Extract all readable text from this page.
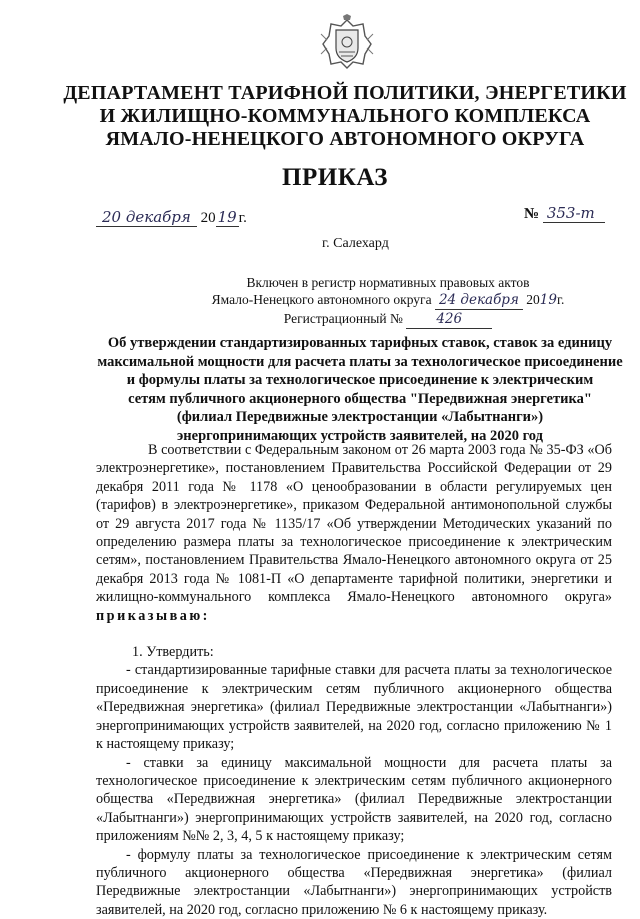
ДЕПАРТАМЕНТ ТАРИФНОЙ ПОЛИТИКИ, ЭНЕРГЕТИКИ
И ЖИЛИЩНО-КОММУНАЛЬНОГО КОМПЛЕКСА
ЯМАЛО-НЕНЕЦКОГО АВТОНОМНОГО ОКРУГА
ПРИКАЗ
20 декабря 20 19 г.	№ 353-т
г. Салехард
Включен в регистр нормативных правовых актов
Ямало-Ненецкого автономного округа 24 декабря 2019г.
Регистрационный № 426
Об утверждении стандартизированных тарифных ставок, ставок за единицу
максимальной мощности для расчета платы за технологическое присоединение
и формулы платы за технологическое присоединение к электрическим
сетям публичного акционерного общества "Передвижная энергетика"
(филиал Передвижные электростанции «Лабытнанги»)
энергопринимающих устройств заявителей, на 2020 год

В соответствии с Федеральным законом от 26 марта 2003 года № 35-ФЗ «Об электроэнергетике», постановлением Правительства Российской Федерации от 29 декабря 2011 года № 1178 «О ценообразовании в области регулируемых цен (тарифов) в электроэнергетике», приказом Федеральной антимонопольной службы от 29 августа 2017 года № 1135/17 «Об утверждении Методических указаний по определению размера платы за технологическое присоединение к электрическим сетям», постановлением Правительства Ямало-Ненецкого автономного округа от 25 декабря 2013 года № 1081-П «О департаменте тарифной политики, энергетики и жилищно-коммунального комплекса Ямало-Ненецкого автономного округа» приказываю:

1. Утвердить:

- стандартизированные тарифные ставки для расчета платы за технологическое присоединение к электрическим сетям публичного акционерного общества «Передвижная энергетика» (филиал Передвижные электростанции «Лабытнанги») энергопринимающих устройств заявителей, на 2020 год, согласно приложению № 1 к настоящему приказу;

- ставки за единицу максимальной мощности для расчета платы за технологическое присоединение к электрическим сетям публичного акционерного общества «Передвижная энергетика» (филиал Передвижные электростанции «Лабытнанги») энергопринимающих устройств заявителей, на 2020 год, согласно приложениям №№ 2, 3, 4, 5 к настоящему приказу;

- формулу платы за технологическое присоединение к электрическим сетям публичного акционерного общества «Передвижная энергетика» (филиал Передвижные электростанции «Лабытнанги») энергопринимающих устройств заявителей, на 2020 год, согласно приложению № 6 к настоящему приказу.
